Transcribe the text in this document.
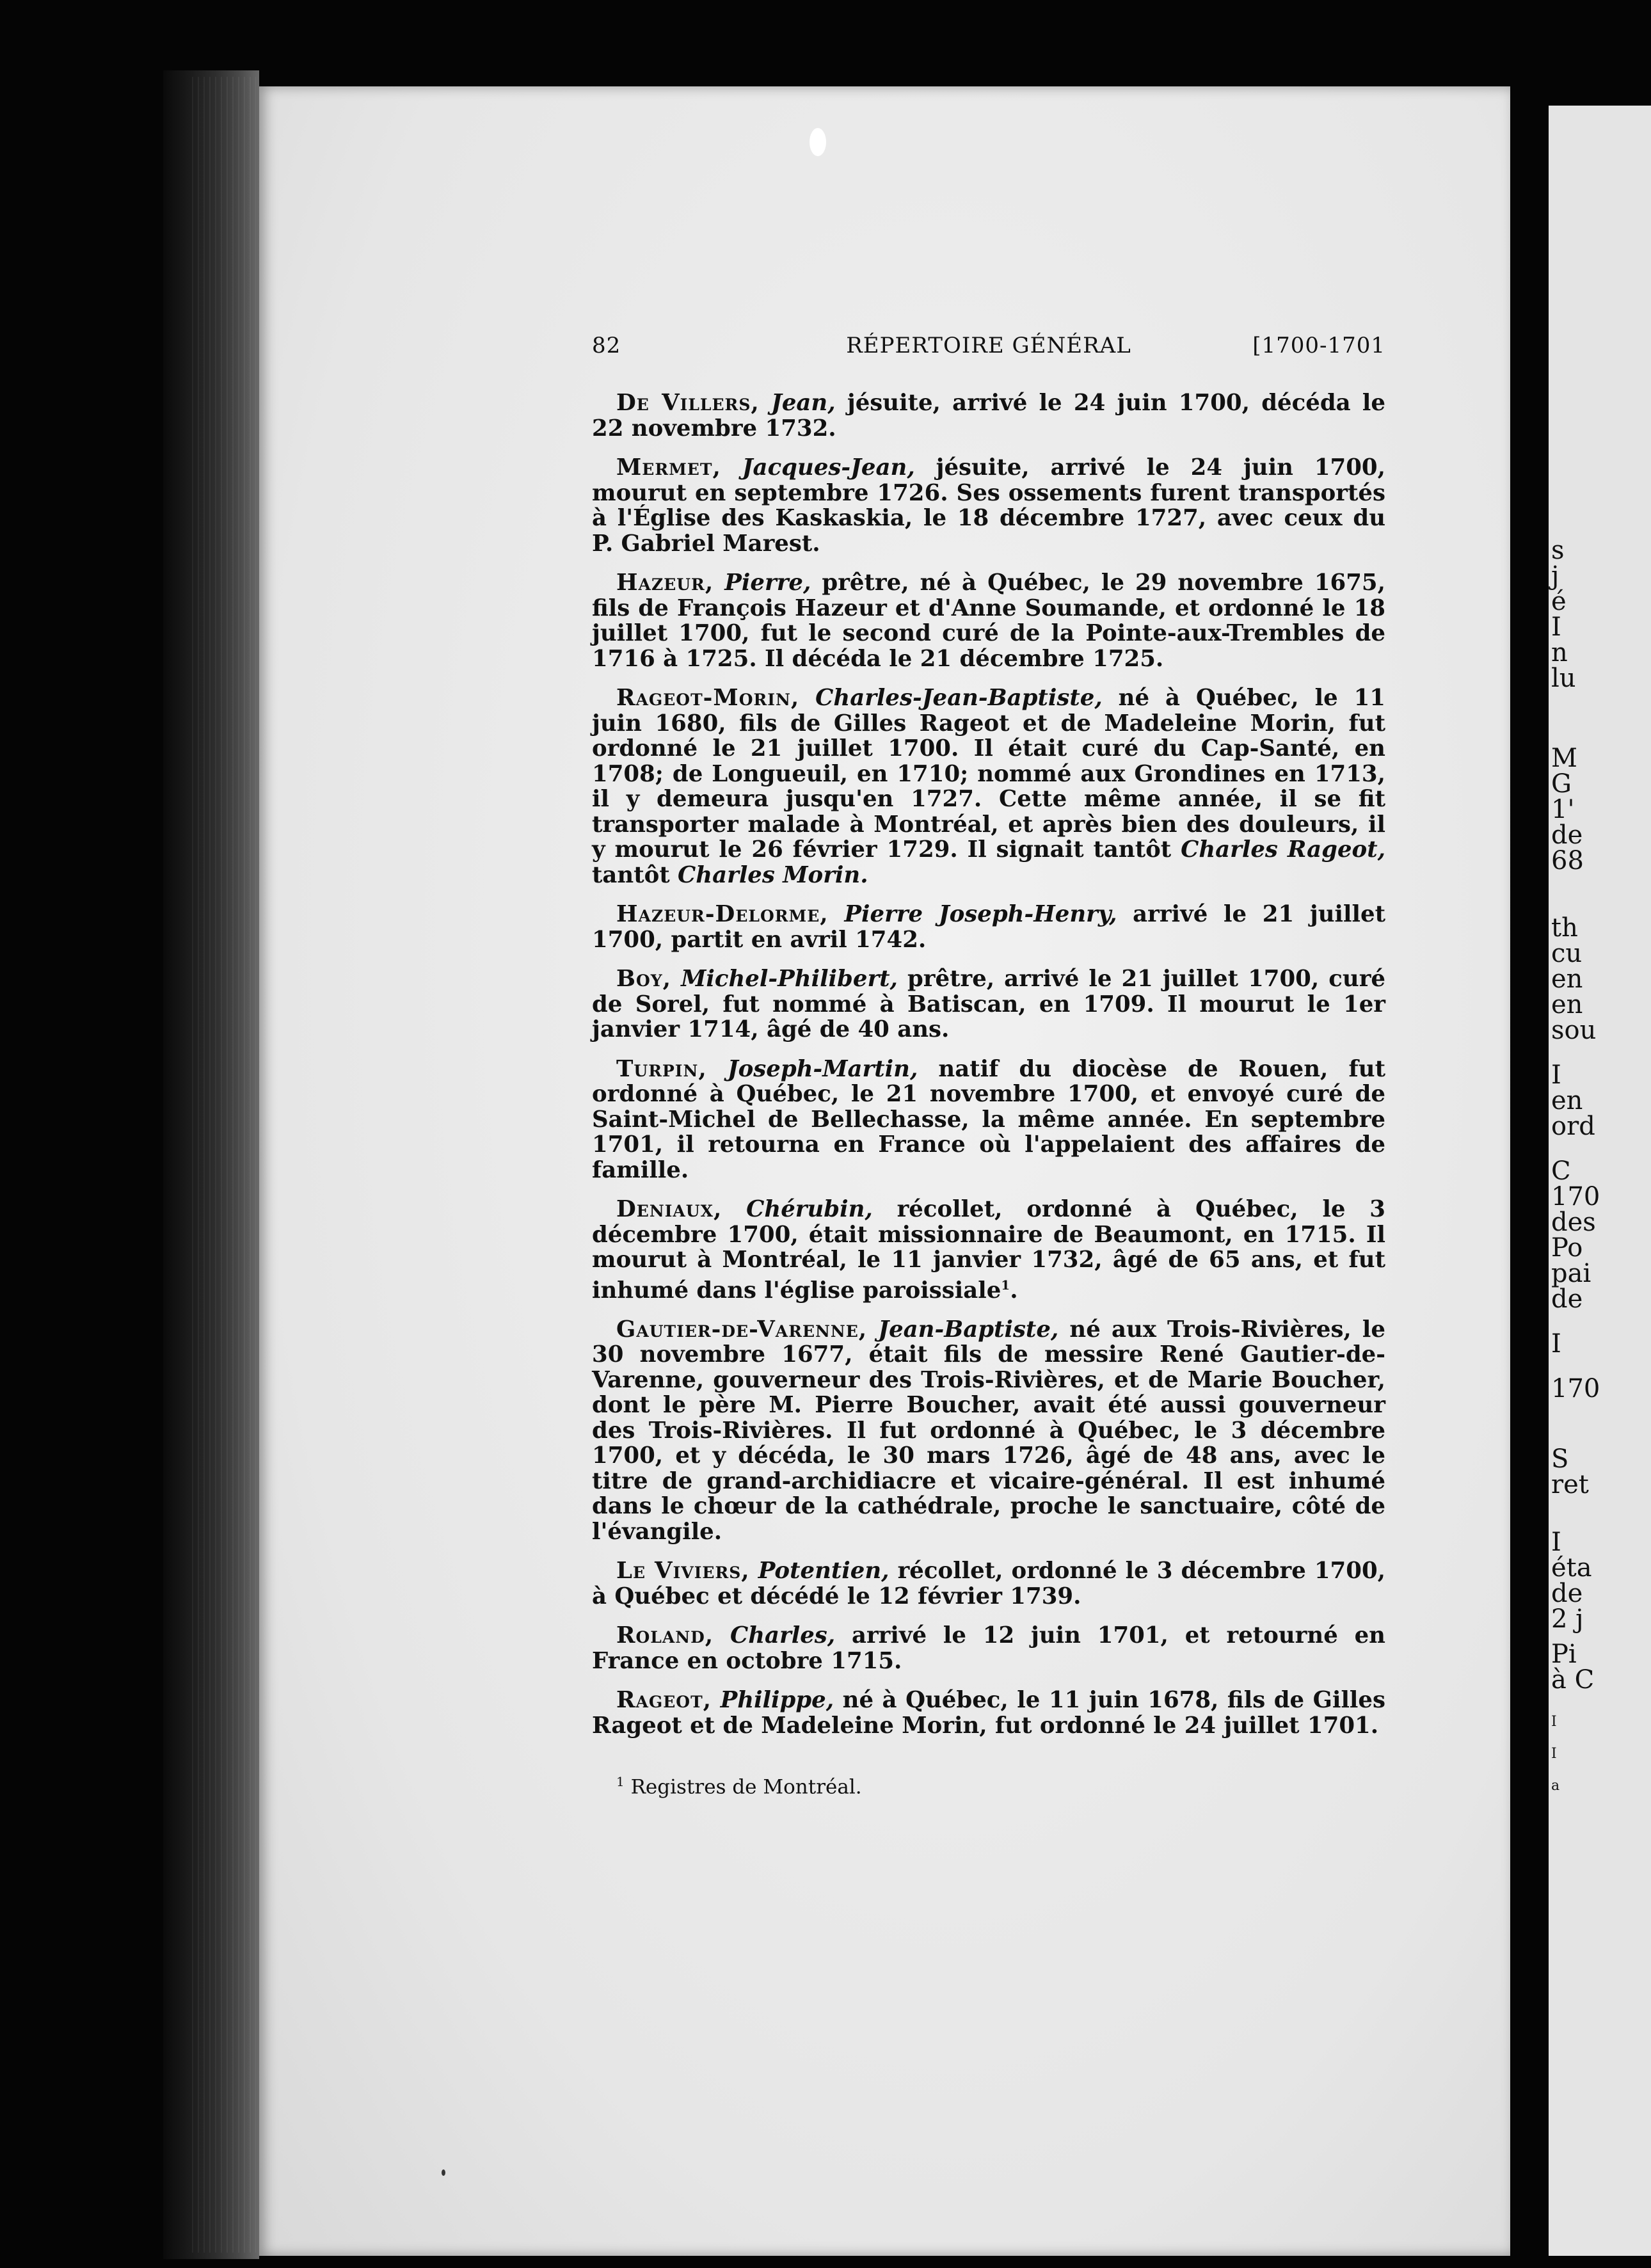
s
j
é
I
n
lu
M
G
1'
de
68
th
cu
en
en
sou
I
en
ord
C
170
des
Po
pai
de
I
170
S
ret
I
éta
de
2 j
Pi
à C
I
I
a
82	RÉPERTOIRE GÉNÉRAL	[1700-1701

De Villers, Jean, jésuite, arrivé le 24 juin 1700, décéda le 22 novembre 1732.

Mermet, Jacques-Jean, jésuite, arrivé le 24 juin 1700, mourut en septembre 1726. Ses ossements furent transportés à l'Église des Kaskaskia, le 18 décembre 1727, avec ceux du P. Gabriel Marest.

Hazeur, Pierre, prêtre, né à Québec, le 29 novembre 1675, fils de François Hazeur et d'Anne Soumande, et ordonné le 18 juillet 1700, fut le second curé de la Pointe-aux-Trembles de 1716 à 1725. Il décéda le 21 décembre 1725.

Rageot-Morin, Charles-Jean-Baptiste, né à Québec, le 11 juin 1680, fils de Gilles Rageot et de Madeleine Morin, fut ordonné le 21 juillet 1700. Il était curé du Cap-Santé, en 1708; de Longueuil, en 1710; nommé aux Grondines en 1713, il y demeura jusqu'en 1727. Cette même année, il se fit transporter malade à Montréal, et après bien des douleurs, il y mourut le 26 février 1729. Il signait tantôt Charles Rageot, tantôt Charles Morin.

Hazeur-Delorme, Pierre Joseph-Henry, arrivé le 21 juillet 1700, partit en avril 1742.

Boy, Michel-Philibert, prêtre, arrivé le 21 juillet 1700, curé de Sorel, fut nommé à Batiscan, en 1709. Il mourut le 1er janvier 1714, âgé de 40 ans.

Turpin, Joseph-Martin, natif du diocèse de Rouen, fut ordonné à Québec, le 21 novembre 1700, et envoyé curé de Saint-Michel de Bellechasse, la même année. En septembre 1701, il retourna en France où l'appelaient des affaires de famille.

Deniaux, Chérubin, récollet, ordonné à Québec, le 3 décembre 1700, était missionnaire de Beaumont, en 1715. Il mourut à Montréal, le 11 janvier 1732, âgé de 65 ans, et fut inhumé dans l'église paroissiale$^1$.

Gautier-de-Varenne, Jean-Baptiste, né aux Trois-Rivières, le 30 novembre 1677, était fils de messire René Gautier-de-Varenne, gouverneur des Trois-Rivières, et de Marie Boucher, dont le père M. Pierre Boucher, avait été aussi gouverneur des Trois-Rivières. Il fut ordonné à Québec, le 3 décembre 1700, et y décéda, le 30 mars 1726, âgé de 48 ans, avec le titre de grand-archidiacre et vicaire-général. Il est inhumé dans le chœur de la cathédrale, proche le sanctuaire, côté de l'évangile.

Le Viviers, Potentien, récollet, ordonné le 3 décembre 1700, à Québec et décédé le 12 février 1739.

Roland, Charles, arrivé le 12 juin 1701, et retourné en France en octobre 1715.

Rageot, Philippe, né à Québec, le 11 juin 1678, fils de Gilles Rageot et de Madeleine Morin, fut ordonné le 24 juillet 1701.

$^1$ Registres de Montréal.
